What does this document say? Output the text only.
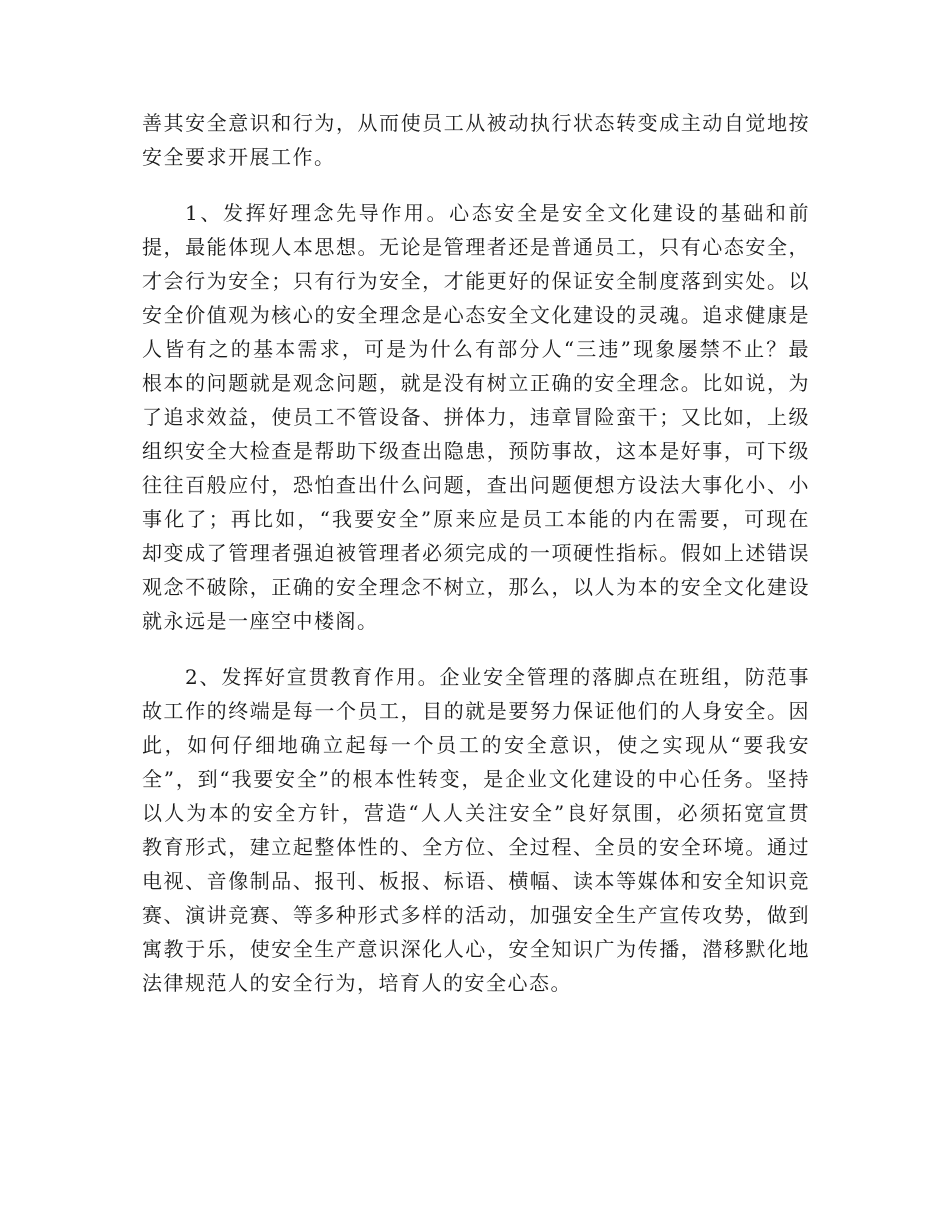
善其安全意识和行为，从而使员工从被动执行状态转变成主动自觉地按安全要求开展工作。

1、发挥好理念先导作用。心态安全是安全文化建设的基础和前提，最能体现人本思想。无论是管理者还是普通员工，只有心态安全，才会行为安全；只有行为安全，才能更好的保证安全制度落到实处。以安全价值观为核心的安全理念是心态安全文化建设的灵魂。追求健康是人皆有之的基本需求，可是为什么有部分人“三违”现象屡禁不止？最根本的问题就是观念问题，就是没有树立正确的安全理念。比如说，为了追求效益，使员工不管设备、拼体力，违章冒险蛮干；又比如，上级组织安全大检查是帮助下级查出隐患，预防事故，这本是好事，可下级往往百般应付，恐怕查出什么问题，查出问题便想方设法大事化小、小事化了；再比如，“我要安全”原来应是员工本能的内在需要，可现在却变成了管理者强迫被管理者必须完成的一项硬性指标。假如上述错误观念不破除，正确的安全理念不树立，那么，以人为本的安全文化建设就永远是一座空中楼阁。

2、发挥好宣贯教育作用。企业安全管理的落脚点在班组，防范事故工作的终端是每一个员工，目的就是要努力保证他们的人身安全。因此，如何仔细地确立起每一个员工的安全意识，使之实现从“要我安全”，到“我要安全”的根本性转变，是企业文化建设的中心任务。坚持以人为本的安全方针，营造“人人关注安全”良好氛围，必须拓宽宣贯教育形式，建立起整体性的、全方位、全过程、全员的安全环境。通过电视、音像制品、报刊、板报、标语、横幅、读本等媒体和安全知识竞赛、演讲竞赛、等多种形式多样的活动，加强安全生产宣传攻势，做到寓教于乐，使安全生产意识深化人心，安全知识广为传播，潜移默化地法律规范人的安全行为，培育人的安全心态。
